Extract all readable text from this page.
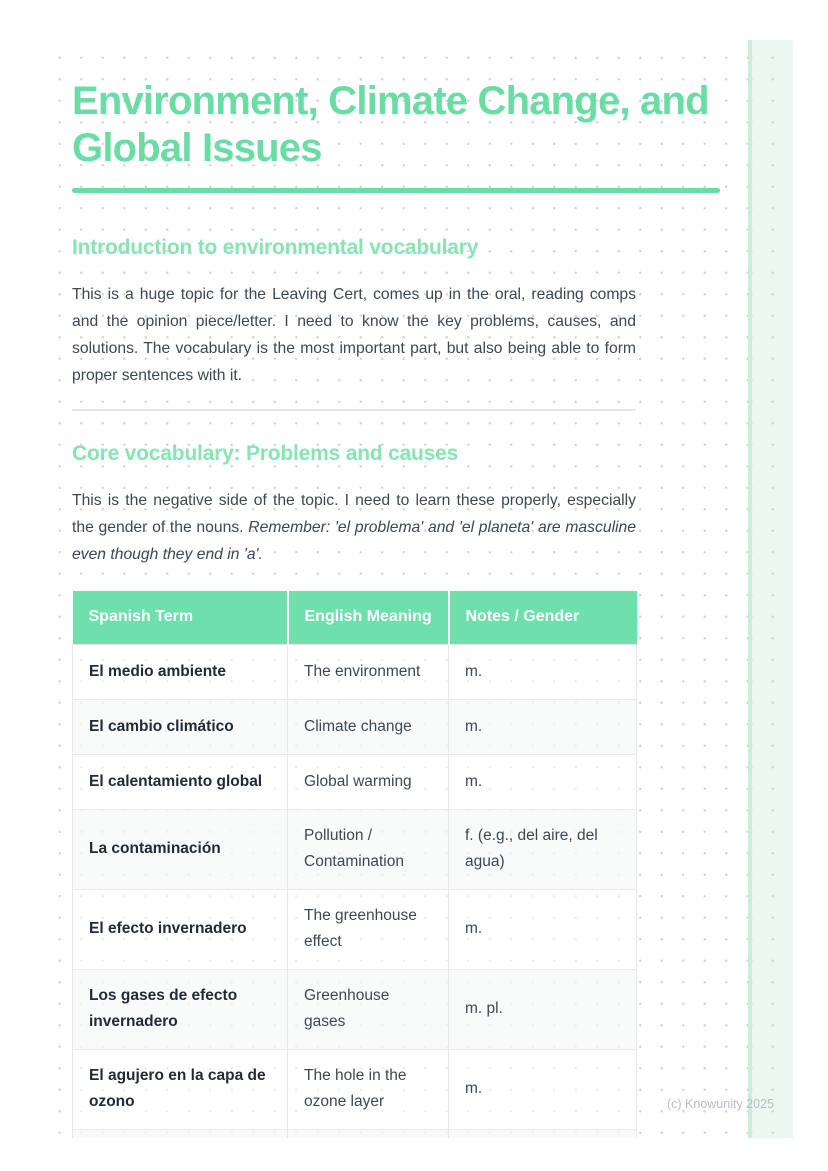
Environment, Climate Change, and Global Issues
Introduction to environmental vocabulary

This is a huge topic for the Leaving Cert, comes up in the oral, reading comps and the opinion piece/letter. I need to know the key problems, causes, and solutions. The vocabulary is the most important part, but also being able to form proper sentences with it.

Core vocabulary: Problems and causes

This is the negative side of the topic. I need to learn these properly, especially the gender of the nouns. Remember: 'el problema' and 'el planeta' are masculine even though they end in 'a'.

Spanish Term	English Meaning	Notes / Gender
El medio ambiente	The environment	m.
El cambio climático	Climate change	m.
El calentamiento global	Global warming	m.
La contaminación	Pollution / Contamination	f. (e.g., del aire, del agua)
El efecto invernadero	The greenhouse effect	m.
Los gases de efecto invernadero	Greenhouse gases	m. pl.
El agujero en la capa de ozono	The hole in the ozone layer	m.

(c) Knowunity 2025
